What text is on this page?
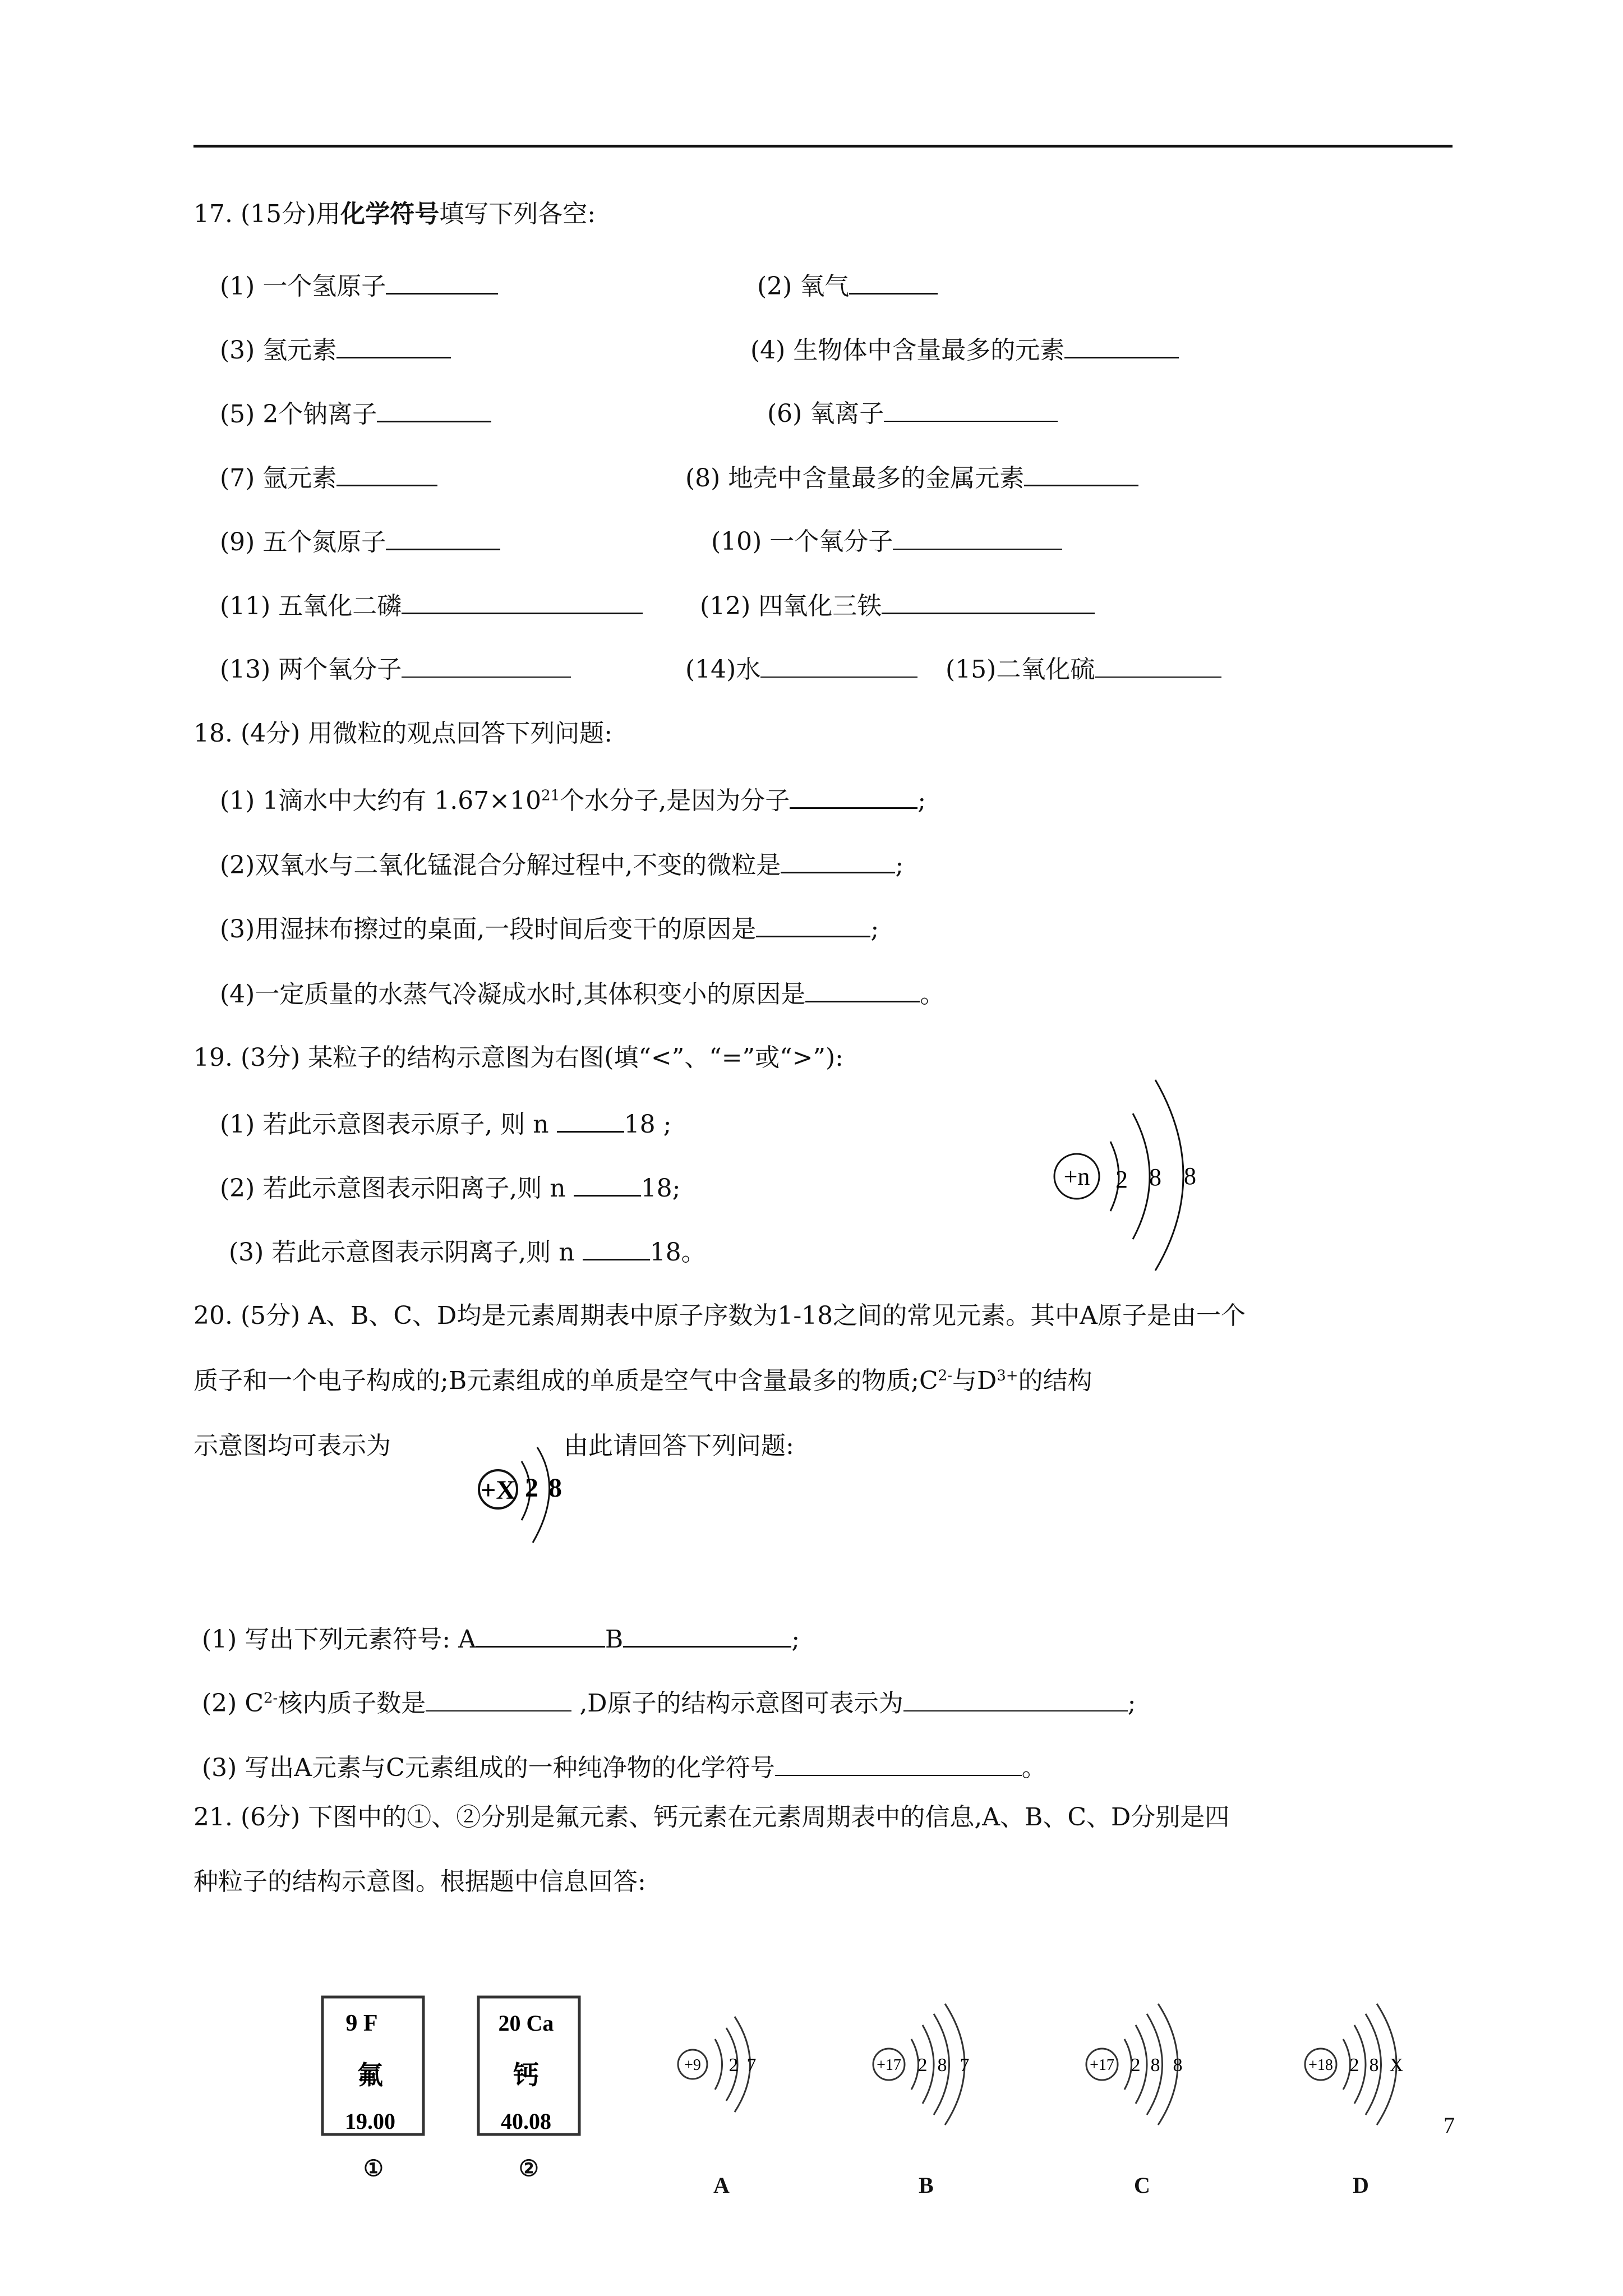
17. (15分)用化学符号填写下列各空:
(1) 一个氢原子	(2) 氧气
(3) 氢元素	(4) 生物体中含量最多的元素
(5) 2个钠离子	(6) 氧离子
(7) 氩元素	(8) 地壳中含量最多的金属元素
(9) 五个氮原子	(10) 一个氧分子
(11) 五氧化二磷	(12) 四氧化三铁
(13) 两个氧分子	(14)水	(15)二氧化硫
18. (4分) 用微粒的观点回答下列问题:
(1) 1滴水中大约有 $1.67\times 10^{21}$个水分子,是因为分子	;
(2)双氧水与二氧化锰混合分解过程中,不变的微粒是	;
(3)用湿抹布擦过的桌面,一段时间后变干的原因是	;
(4)一定质量的水蒸气冷凝成水时,其体积变小的原因是	。
19. (3分) 某粒子的结构示意图为右图(填“<”、“=”或“>”):
(1) 若此示意图表示原子, 则 n	18 ;
(2) 若此示意图表示阳离子,则 n	18;
(3) 若此示意图表示阴离子,则 n	18。
+n 2 8 8
20. (5分) A、B、C、D均是元素周期表中原子序数为1-18之间的常见元素。其中A原子是由一个
质子和一个电子构成的;B元素组成的单质是空气中含量最多的物质$;C^{2-}$与$D^{3+}$的结构
示意图均可表示为	由此请回答下列问题:
+X 2 8
(1) 写出下列元素符号: A	B	;
(2) $C^{2-}$核内质子数是	,D原子的结构示意图可表示为	;
(3) 写出A元素与C元素组成的一种纯净物的化学符号	。
21. (6分) 下图中的①、②分别是氟元素、钙元素在元素周期表中的信息,A、B、C、D分别是四
种粒子的结构示意图。根据题中信息回答:
9 F
氟
19.00
①
20 Ca
钙
40.08
②
+9 2 7
A
+17 2 8 7
B
+17 2 8 8
C
+18 2 8 X
D
7
